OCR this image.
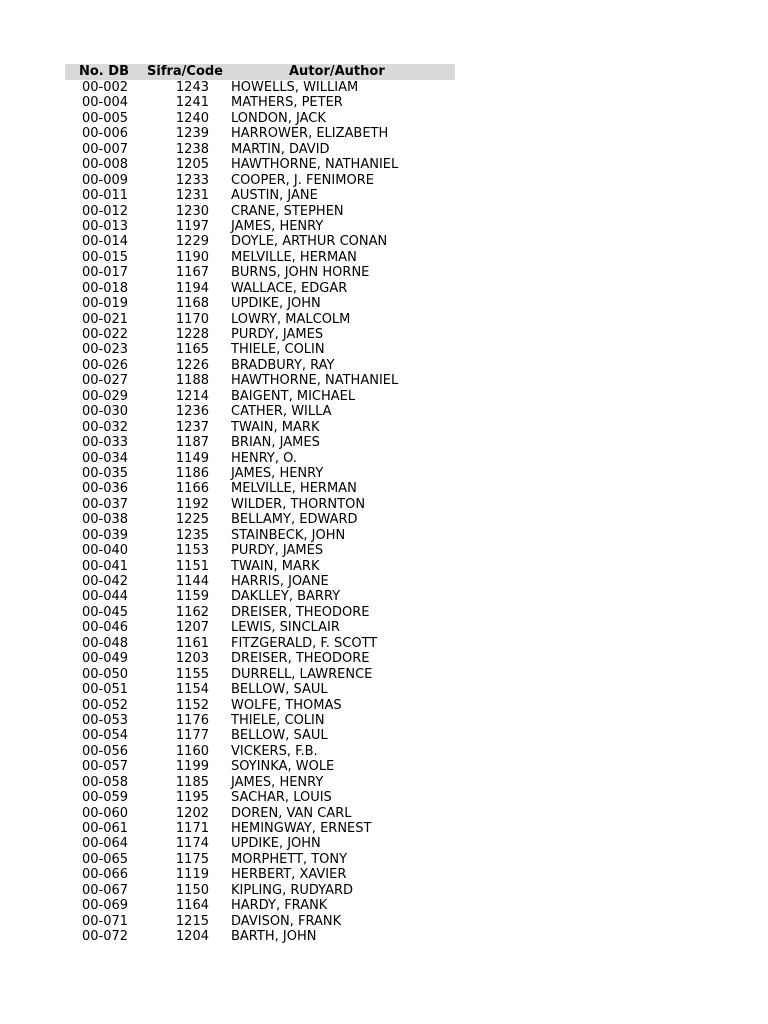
No. DB Sifra/Code	Autor/Author
00-002	1243 HOWELLS, WILLIAM
00-004	1241 MATHERS, PETER
00-005	1240 LONDON, JACK
00-006	1239 HARROWER, ELIZABETH
00-007	1238 MARTIN, DAVID
00-008	1205 HAWTHORNE, NATHANIEL
00-009	1233 COOPER, J. FENIMORE
00-011	1231 AUSTIN, JANE
00-012	1230 CRANE, STEPHEN
00-013	1197 JAMES, HENRY
00-014	1229 DOYLE, ARTHUR CONAN
00-015	1190 MELVILLE, HERMAN
00-017	1167 BURNS, JOHN HORNE
00-018	1194 WALLACE, EDGAR
00-019	1168 UPDIKE, JOHN
00-021	1170 LOWRY, MALCOLM
00-022	1228 PURDY, JAMES
00-023	1165 THIELE, COLIN
00-026	1226 BRADBURY, RAY
00-027	1188 HAWTHORNE, NATHANIEL
00-029	1214 BAIGENT, MICHAEL
00-030	1236 CATHER, WILLA
00-032	1237 TWAIN, MARK
00-033	1187 BRIAN, JAMES
00-034	1149 HENRY, O.
00-035	1186 JAMES, HENRY
00-036	1166 MELVILLE, HERMAN
00-037	1192 WILDER, THORNTON
00-038	1225 BELLAMY, EDWARD
00-039	1235 STAINBECK, JOHN
00-040	1153 PURDY, JAMES
00-041	1151 TWAIN, MARK
00-042	1144 HARRIS, JOANE
00-044	1159 DAKLLEY, BARRY
00-045	1162 DREISER, THEODORE
00-046	1207 LEWIS, SINCLAIR
00-048	1161 FITZGERALD, F. SCOTT
00-049	1203 DREISER, THEODORE
00-050	1155 DURRELL, LAWRENCE
00-051	1154 BELLOW, SAUL
00-052	1152 WOLFE, THOMAS
00-053	1176 THIELE, COLIN
00-054	1177 BELLOW, SAUL
00-056	1160 VICKERS, F.B.
00-057	1199 SOYINKA, WOLE
00-058	1185 JAMES, HENRY
00-059	1195 SACHAR, LOUIS
00-060	1202 DOREN, VAN CARL
00-061	1171 HEMINGWAY, ERNEST
00-064	1174 UPDIKE, JOHN
00-065	1175 MORPHETT, TONY
00-066	1119 HERBERT, XAVIER
00-067	1150 KIPLING, RUDYARD
00-069	1164 HARDY, FRANK
00-071	1215 DAVISON, FRANK
00-072	1204 BARTH, JOHN
